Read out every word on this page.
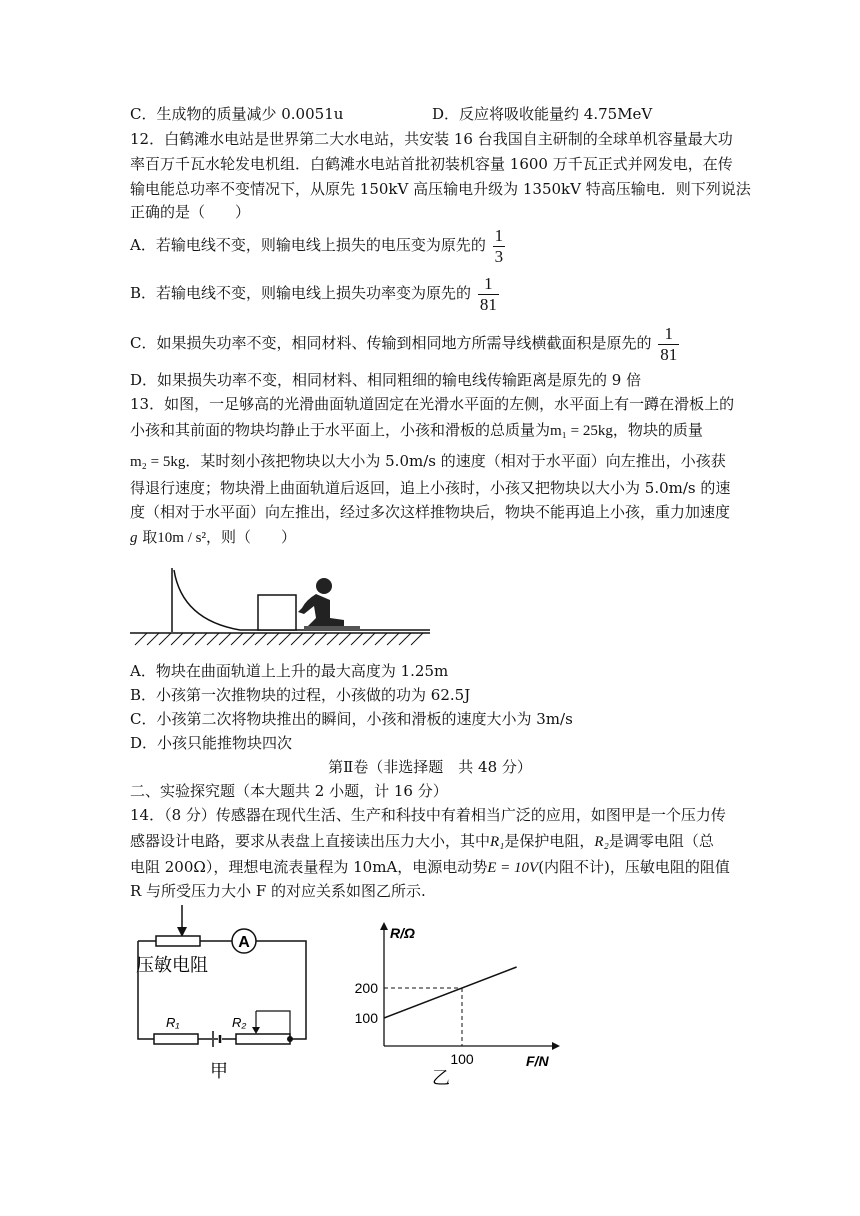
C．生成物的质量减少 0.0051u	D．反应将吸收能量约 4.75MeV
12．白鹤滩水电站是世界第二大水电站，共安装 16 台我国自主研制的全球单机容量最大功
率百万千瓦水轮发电机组．白鹤滩水电站首批初装机容量 1600 万千瓦正式并网发电，在传
输电能总功率不变情况下，从原先 150kV 高压输电升级为 1350kV 特高压输电．则下列说法
正确的是（　　）
A．若输电线不变，则输电线上损失的电压变为原先的 $\frac{1}{3}$
B．若输电线不变，则输电线上损失功率变为原先的 $\frac{1}{81}$
C．如果损失功率不变，相同材料、传输到相同地方所需导线横截面积是原先的 $\frac{1}{81}$
D．如果损失功率不变，相同材料、相同粗细的输电线传输距离是原先的 9 倍
13．如图，一足够高的光滑曲面轨道固定在光滑水平面的左侧，水平面上有一蹲在滑板上的
小孩和其前面的物块均静止于水平面上，小孩和滑板的总质量为m₁ = 25kg，物块的质量
m₂ = 5kg．某时刻小孩把物块以大小为 5.0m/s 的速度（相对于水平面）向左推出，小孩获
得退行速度；物块滑上曲面轨道后返回，追上小孩时，小孩又把物块以大小为 5.0m/s 的速
度（相对于水平面）向左推出，经过多次这样推物块后，物块不能再追上小孩，重力加速度
g 取10m / s²，则（　　）
A．物块在曲面轨道上上升的最大高度为 1.25m
B．小孩第一次推物块的过程，小孩做的功为 62.5J
C．小孩第二次将物块推出的瞬间，小孩和滑板的速度大小为 3m/s
D．小孩只能推物块四次
第Ⅱ卷（非选择题　共 48 分）
二、实验探究题（本大题共 2 小题，计 16 分）
14．（8 分）传感器在现代生活、生产和科技中有着相当广泛的应用，如图甲是一个压力传
感器设计电路，要求从表盘上直接读出压力大小，其中R₁是保护电阻，R₂是调零电阻（总
电阻 200Ω），理想电流表量程为 10mA，电源电动势E = 10V(内阻不计)，压敏电阻的阻值
R 与所受压力大小 F 的对应关系如图乙所示.
A
压敏电阻
R₁	R₂
甲
R/Ω
F/N
100
200
100
乙
